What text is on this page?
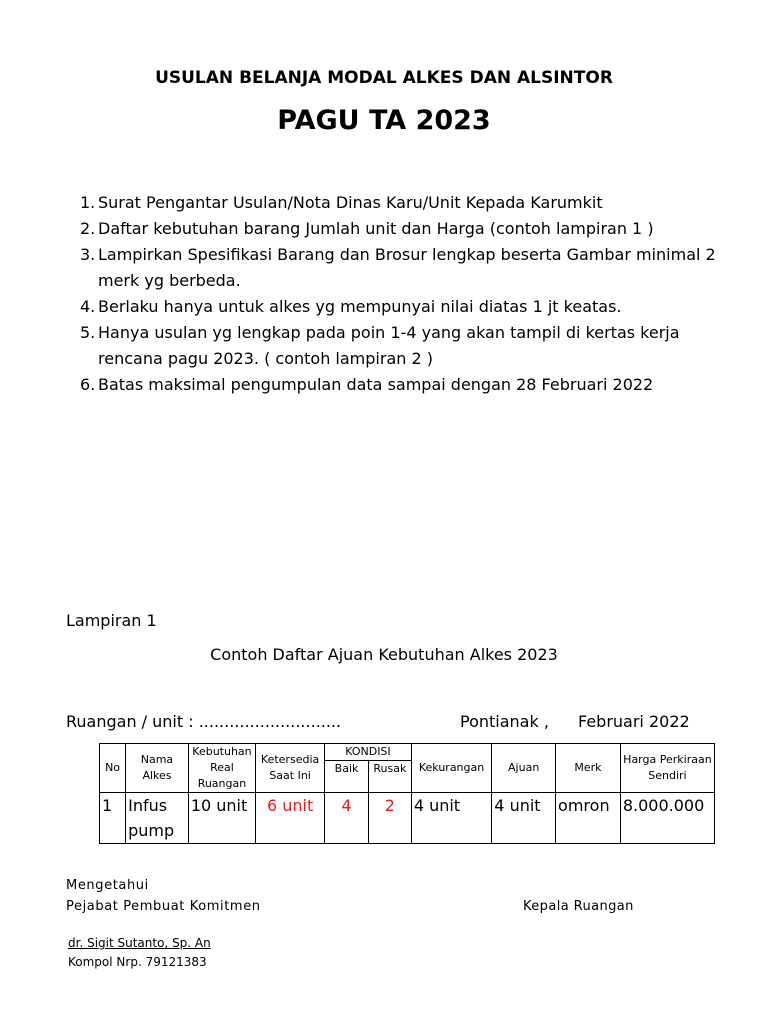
USULAN BELANJA MODAL ALKES DAN ALSINTOR
PAGU TA 2023
1. Surat Pengantar Usulan/Nota Dinas Karu/Unit Kepada Karumkit
2. Daftar kebutuhan barang Jumlah unit dan Harga (contoh lampiran 1 )
3. Lampirkan Spesifikasi Barang dan Brosur lengkap beserta Gambar minimal 2 merk yg berbeda.
4. Berlaku hanya untuk alkes yg mempunyai nilai diatas 1 jt keatas.
5. Hanya usulan yg lengkap pada poin 1-4 yang akan tampil di kertas kerja rencana pagu 2023. ( contoh lampiran 2 )
6. Batas maksimal pengumpulan data sampai dengan 28 Februari 2022
Lampiran 1
Contoh Daftar Ajuan Kebutuhan Alkes 2023
Ruangan / unit : ............................	Pontianak , Februari 2022
No	Nama Alkes	Kebutuhan Real Ruangan	Ketersedia Saat Ini	KONDISI		Kekurangan	Ajuan	Merk	Harga Perkiraan Sendiri
				Baik	Rusak				

1	Infus pump	10 unit	6 unit	4	2	4 unit	4 unit	omron	8.000.000
Mengetahui
Pejabat Pembuat Komitmen	Kepala Ruangan
dr. Sigit Sutanto, Sp. An
Kompol Nrp. 79121383
